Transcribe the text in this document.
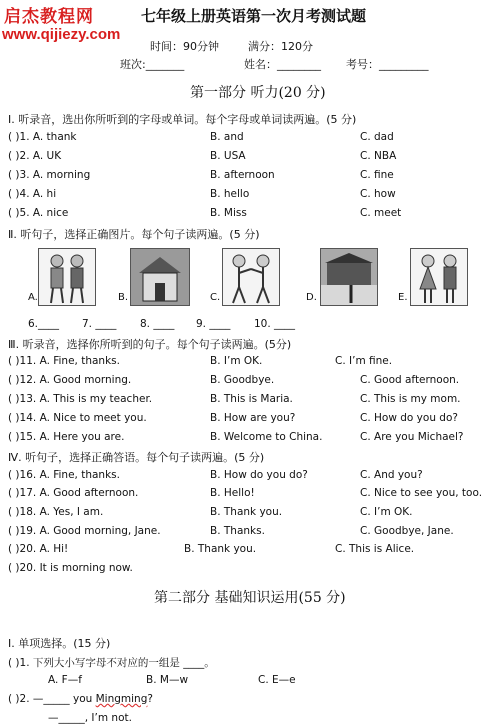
启杰教程网
www.qijiezy.com
七年级上册英语第一次月考测试题
时间：90分钟	满分：120分
班次:_______	姓名：________ 考号：_________
第一部分 听力(20 分)
Ⅰ. 听录音，选出你所听到的字母或单词。每个字母或单词读两遍。(5 分)
( )1. A. thank	B. and	C. dad
( )2. A. UK	B. USA	C. NBA
( )3. A. morning	B. afternoon	C. fine
( )4. A. hi	B. hello	C. how
( )5. A. nice	B. Miss	C. meet
Ⅱ. 听句子，选择正确图片。每个句子读两遍。(5 分)
A.	B.	C.	D.	E.
6.____ 7. ____ 8. ____ 9. ____ 10. ____
Ⅲ. 听录音，选择你所听到的句子。每个句子读两遍。(5分)
( )11. A. Fine, thanks.	B. I’m OK.	C. I’m fine.
( )12. A. Good morning.	B. Goodbye.	C. Good afternoon.
( )13. A. This is my teacher.	B. This is Maria.	C. This is my mom.
( )14. A. Nice to meet you.	B. How are you?	C. How do you do?
( )15. A. Here you are.	B. Welcome to China.	C. Are you Michael?
Ⅳ. 听句子，选择正确答语。每个句子读两遍。(5 分)
( )16. A. Fine, thanks.	B. How do you do?	C. And you?
( )17. A. Good afternoon.	B. Hello!	C. Nice to see you, too.
( )18. A. Yes, I am.	B. Thank you.	C. I’m OK.
( )19. A. Good morning, Jane.	B. Thanks.	C. Goodbye, Jane.
( )20. A. Hi!	B. Thank you.	C. This is Alice.
( )20. It is morning now.
第二部分 基础知识运用(55 分)
Ⅰ. 单项选择。(15 分)
( )1. 下列大小写字母不对应的一组是 ____。
A. F—f	B. M—w	C. E—e
( )2. —_____ you Mingming?
—_____, I’m not.
